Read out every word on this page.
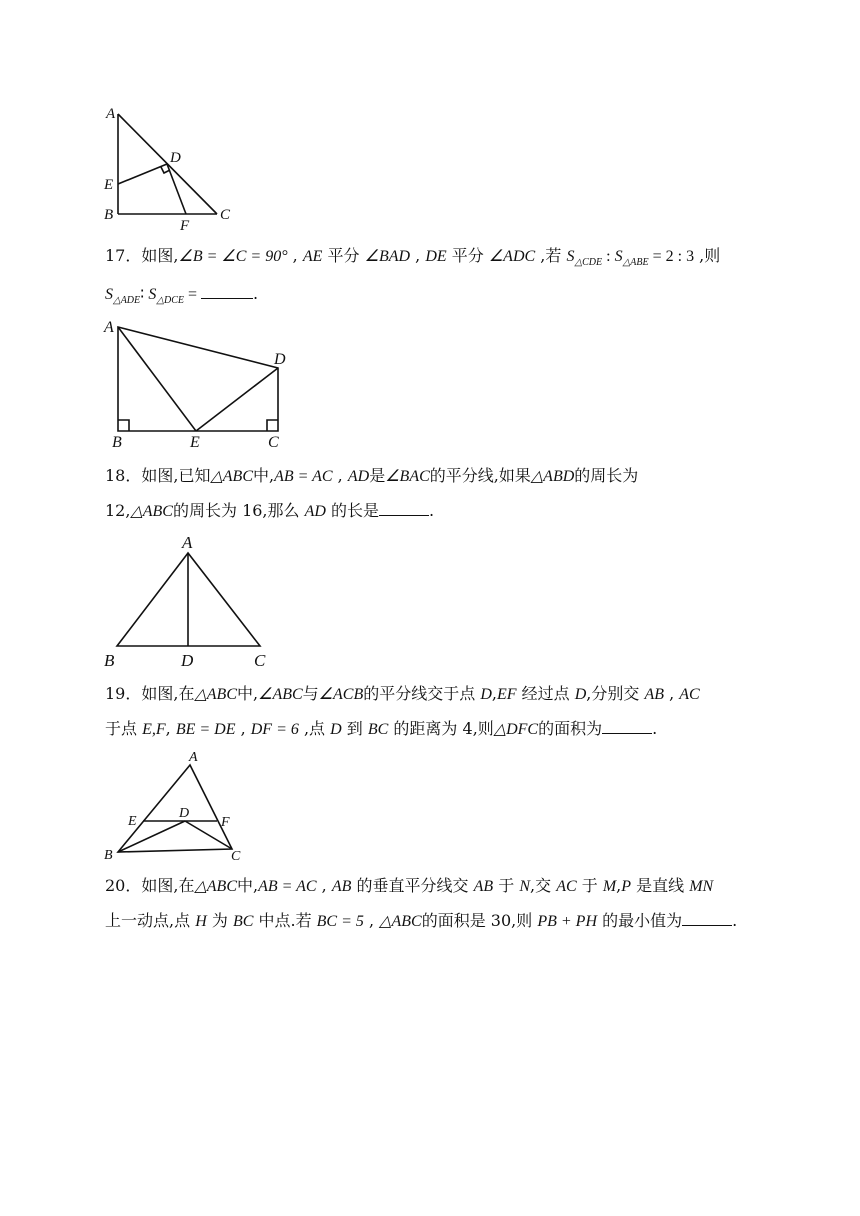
A
D
E
B
F
C
17．如图,∠B = ∠C = 90° , AE 平分 ∠BAD , DE 平分 ∠ADC ,若 $S_{\triangle CDE}$ : $S_{\triangle ABE} = 2$ : 3 ,则
$S_{\triangle ADE}∶$ $S_{\triangle DCE}$ =	.
A
D
B	E	C
18．如图,已知△ABC中,AB = AC , AD是∠BAC的平分线,如果△ABD的周长为
12,△ABC的周长为 16,那么 AD 的长是	.
A
B	D	C
19．如图,在△ABC中,∠ABC与∠ACB的平分线交于点 D,EF 经过点 D,分别交 AB , AC
于点 E,F, BE = DE , DF = 6 ,点 D 到 BC 的距离为 4,则△DFC的面积为	.
A
E
D
F
B	C
20．如图,在△ABC中,AB = AC , AB 的垂直平分线交 AB 于 N,交 AC 于 M,P 是直线 MN
上一动点,点 H 为 BC 中点.若 BC = 5 , △ABC的面积是 30,则 PB + PH 的最小值为	.
